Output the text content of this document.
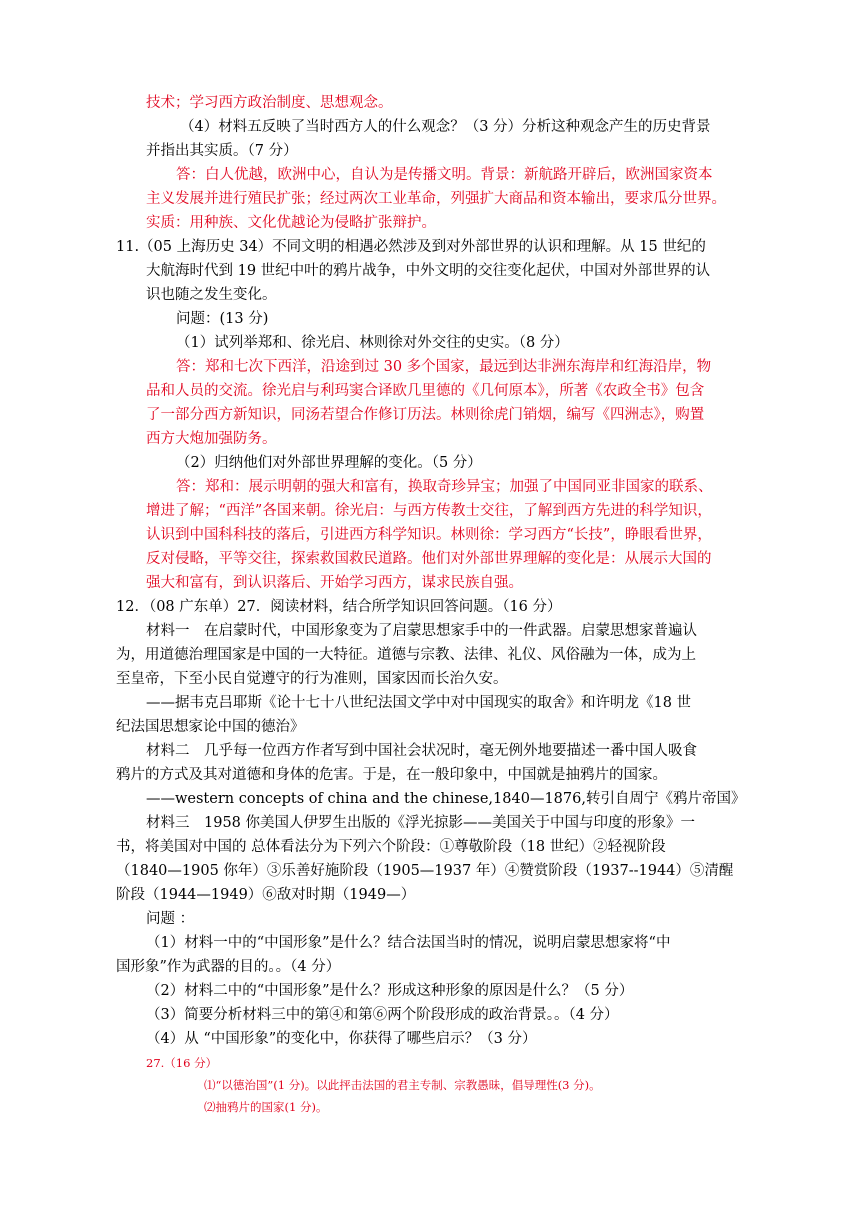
技术；学习西方政治制度、思想观念。
（4）材料五反映了当时西方人的什么观念？（3 分）分析这种观念产生的历史背景
并指出其实质。（7 分）
答：白人优越，欧洲中心，自认为是传播文明。背景：新航路开辟后，欧洲国家资本
主义发展并进行殖民扩张；经过两次工业革命，列强扩大商品和资本输出，要求瓜分世界。
实质：用种族、文化优越论为侵略扩张辩护。
11.（05 上海历史 34）不同文明的相遇必然涉及到对外部世界的认识和理解。从 15 世纪的
大航海时代到 19 世纪中叶的鸦片战争，中外文明的交往变化起伏，中国对外部世界的认
识也随之发生变化。
问题：(13 分)
（1）试列举郑和、徐光启、林则徐对外交往的史实。（8 分）
答：郑和七次下西洋，沿途到过 30 多个国家，最远到达非洲东海岸和红海沿岸，物
品和人员的交流。徐光启与利玛窦合译欧几里德的《几何原本》，所著《农政全书》包含
了一部分西方新知识，同汤若望合作修订历法。林则徐虎门销烟，编写《四洲志》，购置
西方大炮加强防务。
（2）归纳他们对外部世界理解的变化。（5 分）
答：郑和：展示明朝的强大和富有，换取奇珍异宝；加强了中国同亚非国家的联系、
增进了解；“西洋”各国来朝。徐光启：与西方传教士交往，了解到西方先进的科学知识，
认识到中国科科技的落后，引进西方科学知识。林则徐：学习西方“长技”，睁眼看世界，
反对侵略，平等交往，探索救国救民道路。他们对外部世界理解的变化是：从展示大国的
强大和富有，到认识落后、开始学习西方，谋求民族自强。
12．（08 广东单）27．阅读材料，结合所学知识回答问题。（16 分）
材料一　在启蒙时代，中国形象变为了启蒙思想家手中的一件武器。启蒙思想家普遍认
为，用道德治理国家是中国的一大特征。道德与宗教、法律、礼仪、风俗融为一体，成为上
至皇帝，下至小民自觉遵守的行为准则，国家因而长治久安。
——据韦克吕耶斯《论十七十八世纪法国文学中对中国现实的取舍》和许明龙《18 世
纪法国思想家论中国的德治》
材料二　几乎每一位西方作者写到中国社会状况时，毫无例外地要描述一番中国人吸食
鸦片的方式及其对道德和身体的危害。于是，在一般印象中，中国就是抽鸦片的国家。
——western concepts of china and the chinese,1840—1876,转引自周宁《鸦片帝国》
材料三　1958 你美国人伊罗生出版的《浮光掠影——美国关于中国与印度的形象》一
书，将美国对中国的 总体看法分为下列六个阶段：①尊敬阶段（18 世纪）②轻视阶段
（1840—1905 你年）③乐善好施阶段（1905—1937 年）④赞赏阶段（1937--1944）⑤清醒
阶段（1944—1949）⑥敌对时期（1949—）
问题 ：
（1）材料一中的“中国形象”是什么？结合法国当时的情况，说明启蒙思想家将“中
国形象”作为武器的目的。。（4 分）
（2）材料二中的“中国形象”是什么？形成这种形象的原因是什么？（5 分）
（3）简要分析材料三中的第④和第⑥两个阶段形成的政治背景。。（4 分）
（4）从 “中国形象”的变化中，你获得了哪些启示？（3 分）
27.（16 分）
⑴“以德治国”(1 分)。以此抨击法国的君主专制、宗教愚昧，倡导理性(3 分)。
⑵抽鸦片的国家(1 分)。
